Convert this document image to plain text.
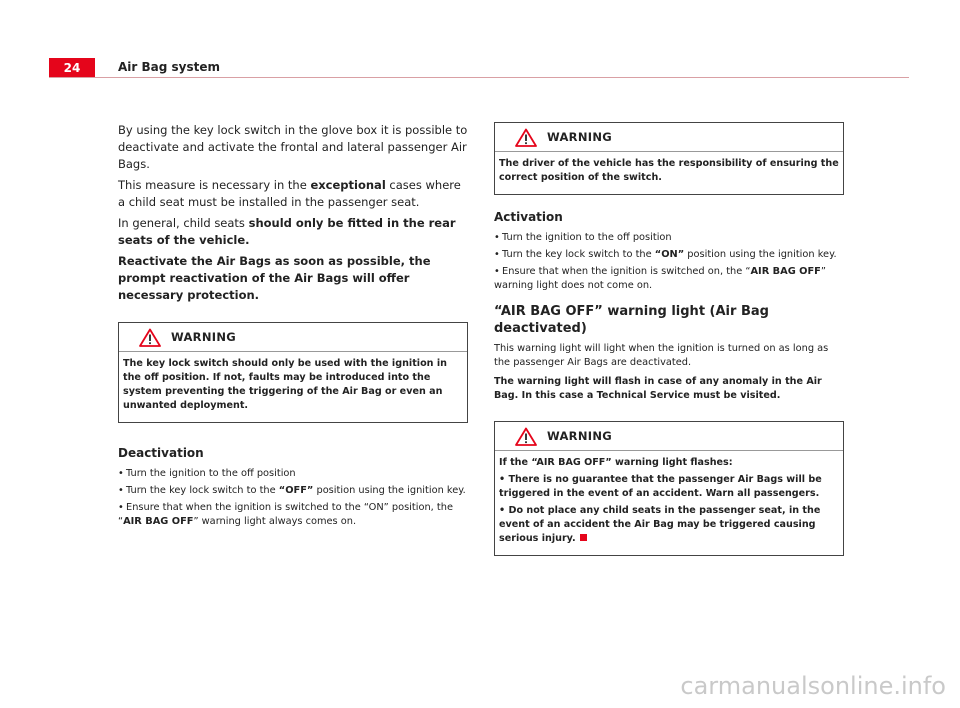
24	Air Bag system

By using the key lock switch in the glove box it is possible to deactivate and activate the frontal and lateral passenger Air Bags.

This measure is necessary in the exceptional cases where a child seat must be installed in the passenger seat.

In general, child seats should only be fitted in the rear seats of the vehicle.

Reactivate the Air Bags as soon as possible, the prompt reactivation of the Air Bags will offer necessary protection.

WARNING

The key lock switch should only be used with the ignition in the off position. If not, faults may be introduced into the system preventing the triggering of the Air Bag or even an unwanted deployment.

Deactivation

• Turn the ignition to the off position

• Turn the key lock switch to the “OFF” position using the ignition key.

• Ensure that when the ignition is switched to the “ON” position, the “AIR BAG OFF” warning light always comes on.

WARNING

The driver of the vehicle has the responsibility of ensuring the correct position of the switch.

Activation

• Turn the ignition to the off position

• Turn the key lock switch to the “ON” position using the ignition key.

• Ensure that when the ignition is switched on, the “AIR BAG OFF” warning light does not come on.

“AIR BAG OFF” warning light (Air Bag deactivated)

This warning light will light when the ignition is turned on as long as the passenger Air Bags are deactivated.

The warning light will flash in case of any anomaly in the Air Bag. In this case a Technical Service must be visited.

WARNING

If the “AIR BAG OFF” warning light flashes:

• There is no guarantee that the passenger Air Bags will be triggered in the event of an accident. Warn all passengers.

• Do not place any child seats in the passenger seat, in the event of an accident the Air Bag may be triggered causing serious injury.

carmanualsonline.info
